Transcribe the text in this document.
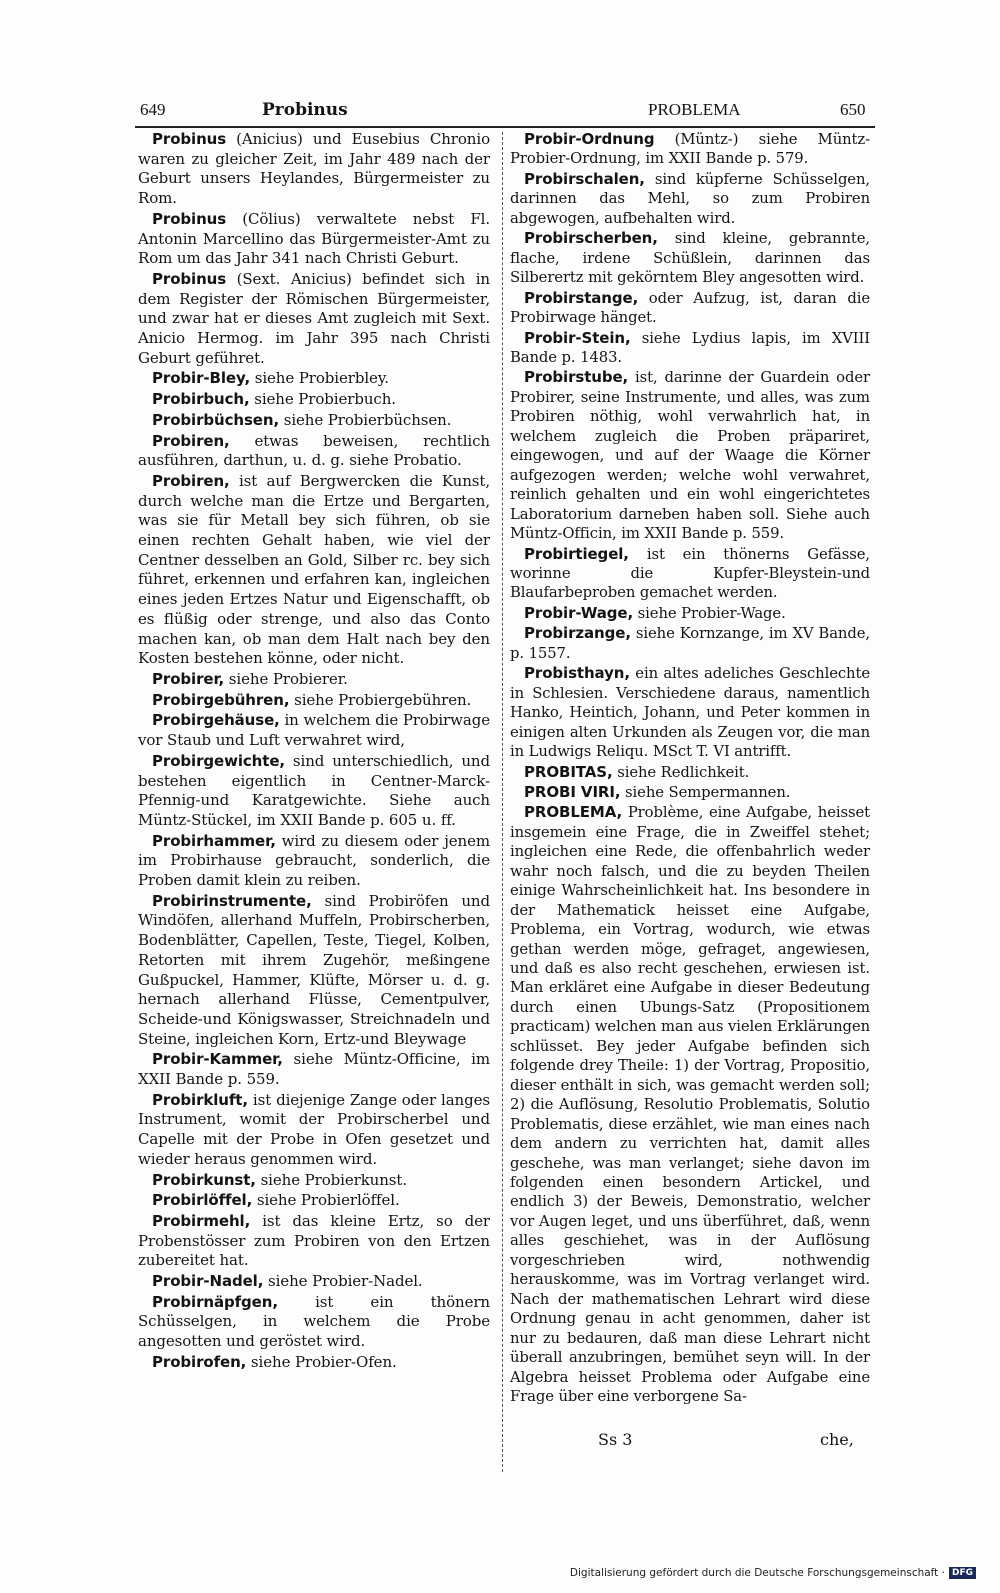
649	Probinus	PROBLEMA	650

Probinus (Anicius) und Eusebius Chronio waren zu gleicher Zeit, im Jahr 489 nach der Geburt unsers Heylandes, Bürgermeister zu Rom.

Probinus (Cölius) verwaltete nebst Fl. Antonin Marcellino das Bürgermeister-Amt zu Rom um das Jahr 341 nach Christi Geburt.

Probinus (Sext. Anicius) befindet sich in dem Register der Römischen Bürgermeister, und zwar hat er dieses Amt zugleich mit Sext. Anicio Hermog. im Jahr 395 nach Christi Geburt geführet.

Probir-Bley, siehe Probierbley.

Probirbuch, siehe Probierbuch.

Probirbüchsen, siehe Probierbüchsen.

Probiren, etwas beweisen, rechtlich ausführen, darthun, u. d. g. siehe Probatio.

Probiren, ist auf Bergwercken die Kunst, durch welche man die Ertze und Bergarten, was sie für Metall bey sich führen, ob sie einen rechten Gehalt haben, wie viel der Centner desselben an Gold, Silber rc. bey sich führet, erkennen und erfahren kan, ingleichen eines jeden Ertzes Natur und Eigenschafft, ob es flüßig oder strenge, und also das Conto machen kan, ob man dem Halt nach bey den Kosten bestehen könne, oder nicht.

Probirer, siehe Probierer.

Probirgebühren, siehe Probiergebühren.

Probirgehäuse, in welchem die Probirwage vor Staub und Luft verwahret wird,

Probirgewichte, sind unterschiedlich, und bestehen eigentlich in Centner-Marck-Pfennig-und Karatgewichte. Siehe auch Müntz-Stückel, im XXII Bande p. 605 u. ff.

Probirhammer, wird zu diesem oder jenem im Probirhause gebraucht, sonderlich, die Proben damit klein zu reiben.

Probirinstrumente, sind Probiröfen und Windöfen, allerhand Muffeln, Probirscherben, Bodenblätter, Capellen, Teste, Tiegel, Kolben, Retorten mit ihrem Zugehör, meßingene Gußpuckel, Hammer, Klüfte, Mörser u. d. g. hernach allerhand Flüsse, Cementpulver, Scheide-und Königswasser, Streichnadeln und Steine, ingleichen Korn, Ertz-und Bleywage

Probir-Kammer, siehe Müntz-Officine, im XXII Bande p. 559.

Probirkluft, ist diejenige Zange oder langes Instrument, womit der Probirscherbel und Capelle mit der Probe in Ofen gesetzet und wieder heraus genommen wird.

Probirkunst, siehe Probierkunst.

Probirlöffel, siehe Probierlöffel.

Probirmehl, ist das kleine Ertz, so der Probenstösser zum Probiren von den Ertzen zubereitet hat.

Probir-Nadel, siehe Probier-Nadel.

Probirnäpfgen, ist ein thönern Schüsselgen, in welchem die Probe angesotten und geröstet wird.

Probirofen, siehe Probier-Ofen.

Probir-Ordnung (Müntz-) siehe Müntz-Probier-Ordnung, im XXII Bande p. 579.

Probirschalen, sind küpferne Schüsselgen, darinnen das Mehl, so zum Probiren abgewogen, aufbehalten wird.

Probirscherben, sind kleine, gebrannte, flache, irdene Schüßlein, darinnen das Silberertz mit gekörntem Bley angesotten wird.

Probirstange, oder Aufzug, ist, daran die Probirwage hänget.

Probir-Stein, siehe Lydius lapis, im XVIII Bande p. 1483.

Probirstube, ist, darinne der Guardein oder Probirer, seine Instrumente, und alles, was zum Probiren nöthig, wohl verwahrlich hat, in welchem zugleich die Proben präpariret, eingewogen, und auf der Waage die Körner aufgezogen werden; welche wohl verwahret, reinlich gehalten und ein wohl eingerichtetes Laboratorium darneben haben soll. Siehe auch Müntz-Officin, im XXII Bande p. 559.

Probirtiegel, ist ein thönerns Gefässe, worinne die Kupfer-Bleystein-und Blaufarbeproben gemachet werden.

Probir-Wage, siehe Probier-Wage.

Probirzange, siehe Kornzange, im XV Bande, p. 1557.

Probisthayn, ein altes adeliches Geschlechte in Schlesien. Verschiedene daraus, namentlich Hanko, Heintich, Johann, und Peter kommen in einigen alten Urkunden als Zeugen vor, die man in Ludwigs Reliqu. MSct T. VI antrifft.

PROBITAS, siehe Redlichkeit.

PROBI VIRI, siehe Sempermannen.

PROBLEMA, Problème, eine Aufgabe, heisset insgemein eine Frage, die in Zweiffel stehet; ingleichen eine Rede, die offenbahrlich weder wahr noch falsch, und die zu beyden Theilen einige Wahrscheinlichkeit hat. Ins besondere in der Mathematick heisset eine Aufgabe, Problema, ein Vortrag, wodurch, wie etwas gethan werden möge, gefraget, angewiesen, und daß es also recht geschehen, erwiesen ist. Man erkläret eine Aufgabe in dieser Bedeutung durch einen Ubungs-Satz (Propositionem practicam) welchen man aus vielen Erklärungen schlüsset. Bey jeder Aufgabe befinden sich folgende drey Theile: 1) der Vortrag, Propositio, dieser enthält in sich, was gemacht werden soll; 2) die Auflösung, Resolutio Problematis, Solutio Problematis, diese erzählet, wie man eines nach dem andern zu verrichten hat, damit alles geschehe, was man verlanget; siehe davon im folgenden einen besondern Artickel, und endlich 3) der Beweis, Demonstratio, welcher vor Augen leget, und uns überführet, daß, wenn alles geschiehet, was in der Auflösung vorgeschrieben wird, nothwendig herauskomme, was im Vortrag verlanget wird. Nach der mathematischen Lehrart wird diese Ordnung genau in acht genommen, daher ist nur zu bedauren, daß man diese Lehrart nicht überall anzubringen, bemühet seyn will. In der Algebra heisset Problema oder Aufgabe eine Frage über eine verborgene Sa-

Ss 3	che,
Digitalisierung gefördert durch die Deutsche Forschungsgemeinschaft · DFG
